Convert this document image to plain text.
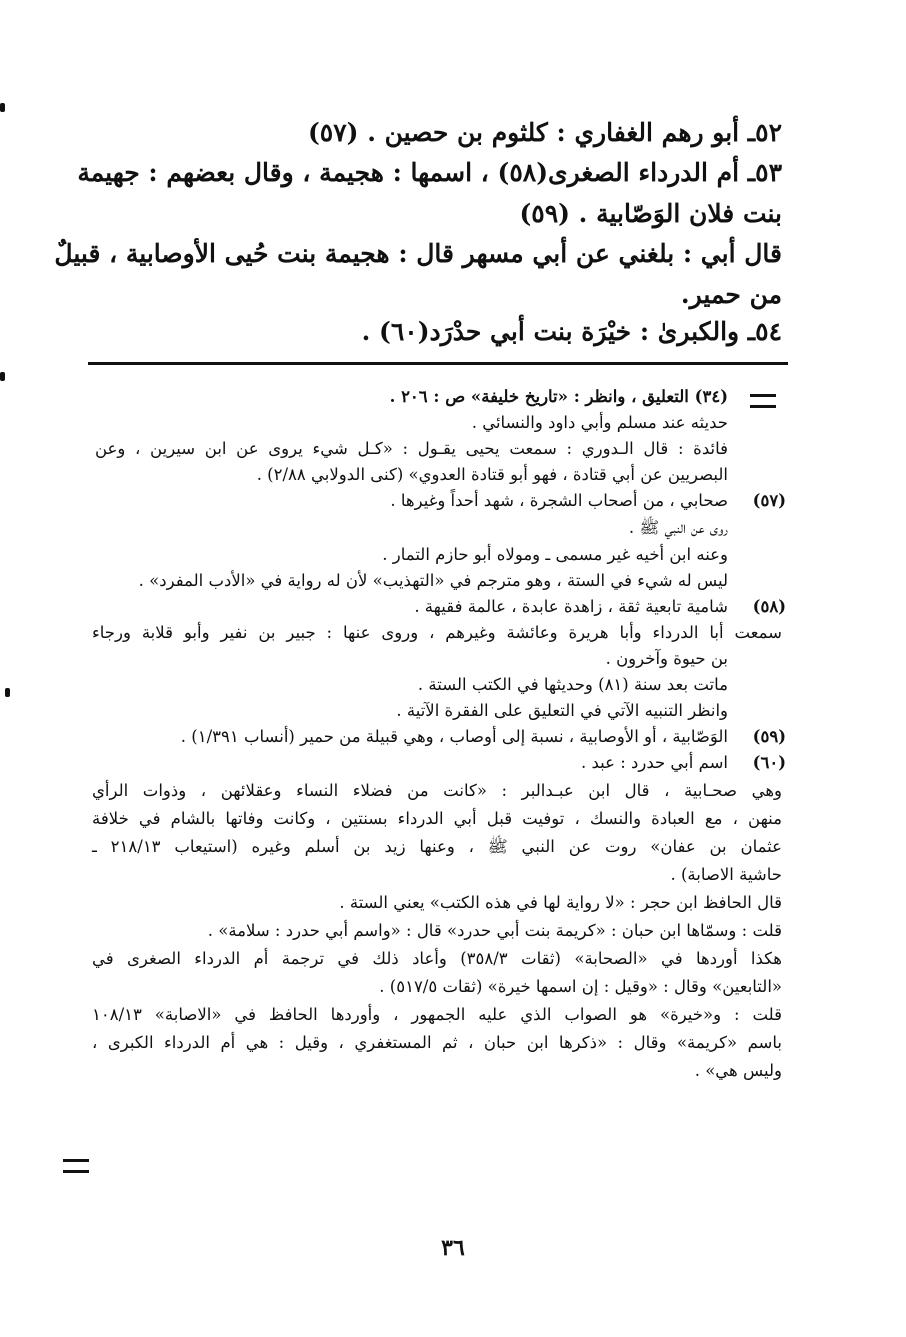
٥٢ـ أبو رهم الغفاري : كلثوم بن حصين . (٥٧)
٥٣ـ أم الدرداء الصغرى(٥٨) ، اسمها : هجيمة ، وقال بعضهم : جهيمة
بنت فلان الوَصّابية . (٥٩)
قال أبي : بلغني عن أبي مسهر قال : هجيمة بنت حُيى الأوصابية ، قبيلٌ
من حمير.
٥٤ـ والكبرىٰ : خيْرَة بنت أبي حدْرَد(٦٠) .
(٣٤) التعليق ، وانظر : «تاريخ خليفة» ص : ٢٠٦ .
حديثه عند مسلم وأبي داود والنسائي .
فائدة : قال الـدوري : سمعت يحيى يقـول : «كـل شيء يروى عن ابن سيرين ، وعن
البصريين عن أبي قتادة ، فهو أبو قتادة العدوي» (كنى الدولابي ٢/٨٨) .
(٥٧)
صحابي ، من أصحاب الشجرة ، شهد أحداً وغيرها .
روى عن النبي ﷺ .
وعنه ابن أخيه غير مسمى ـ ومولاه أبو حازم التمار .
ليس له شيء في الستة ، وهو مترجم في «التهذيب» لأن له رواية في «الأدب المفرد» .
(٥٨)
شامية تابعية ثقة ، زاهدة عابدة ، عالمة فقيهة .
سمعت أبا الدرداء وأبا هريرة وعائشة وغيرهم ، وروى عنها : جبير بن نفير وأبو قلابة ورجاء
بن حيوة وآخرون .
ماتت بعد سنة (٨١) وحديثها في الكتب الستة .
وانظر التنبيه الآتي في التعليق على الفقرة الآتية .
(٥٩)
الوَصّابية ، أو الأوصابية ، نسبة إلى أوصاب ، وهي قبيلة من حمير (أنساب ١/٣٩١) .
(٦٠)
اسم أبي حدرد : عبد .
وهي صحـابية ، قال ابن عبـدالبر : «كانت من فضلاء النساء وعقلائهن ، وذوات الرأي
منهن ، مع العبادة والنسك ، توفيت قبل أبي الدرداء بسنتين ، وكانت وفاتها بالشام في خلافة
عثمان بن عفان» روت عن النبي ﷺ ، وعنها زيد بن أسلم وغيره (استيعاب ٢١٨/١٣ ـ
حاشية الاصابة) .
قال الحافظ ابن حجر : «لا رواية لها في هذه الكتب» يعني الستة .
قلت : وسمّاها ابن حبان : «كريمة بنت أبي حدرد» قال : «واسم أبي حدرد : سلامة» .
هكذا أوردها في «الصحابة» (ثقات ٣٥٨/٣) وأعاد ذلك في ترجمة أم الدرداء الصغرى في
«التابعين» وقال : «وقيل : إن اسمها خيرة» (ثقات ٥١٧/٥) .
قلت : و«خيرة» هو الصواب الذي عليه الجمهور ، وأوردها الحافظ في «الاصابة» ١٠٨/١٣
باسم «كريمة» وقال : «ذكرها ابن حبان ، ثم المستغفري ، وقيل : هي أم الدرداء الكبرى ،
وليس هي» .
٣٦
